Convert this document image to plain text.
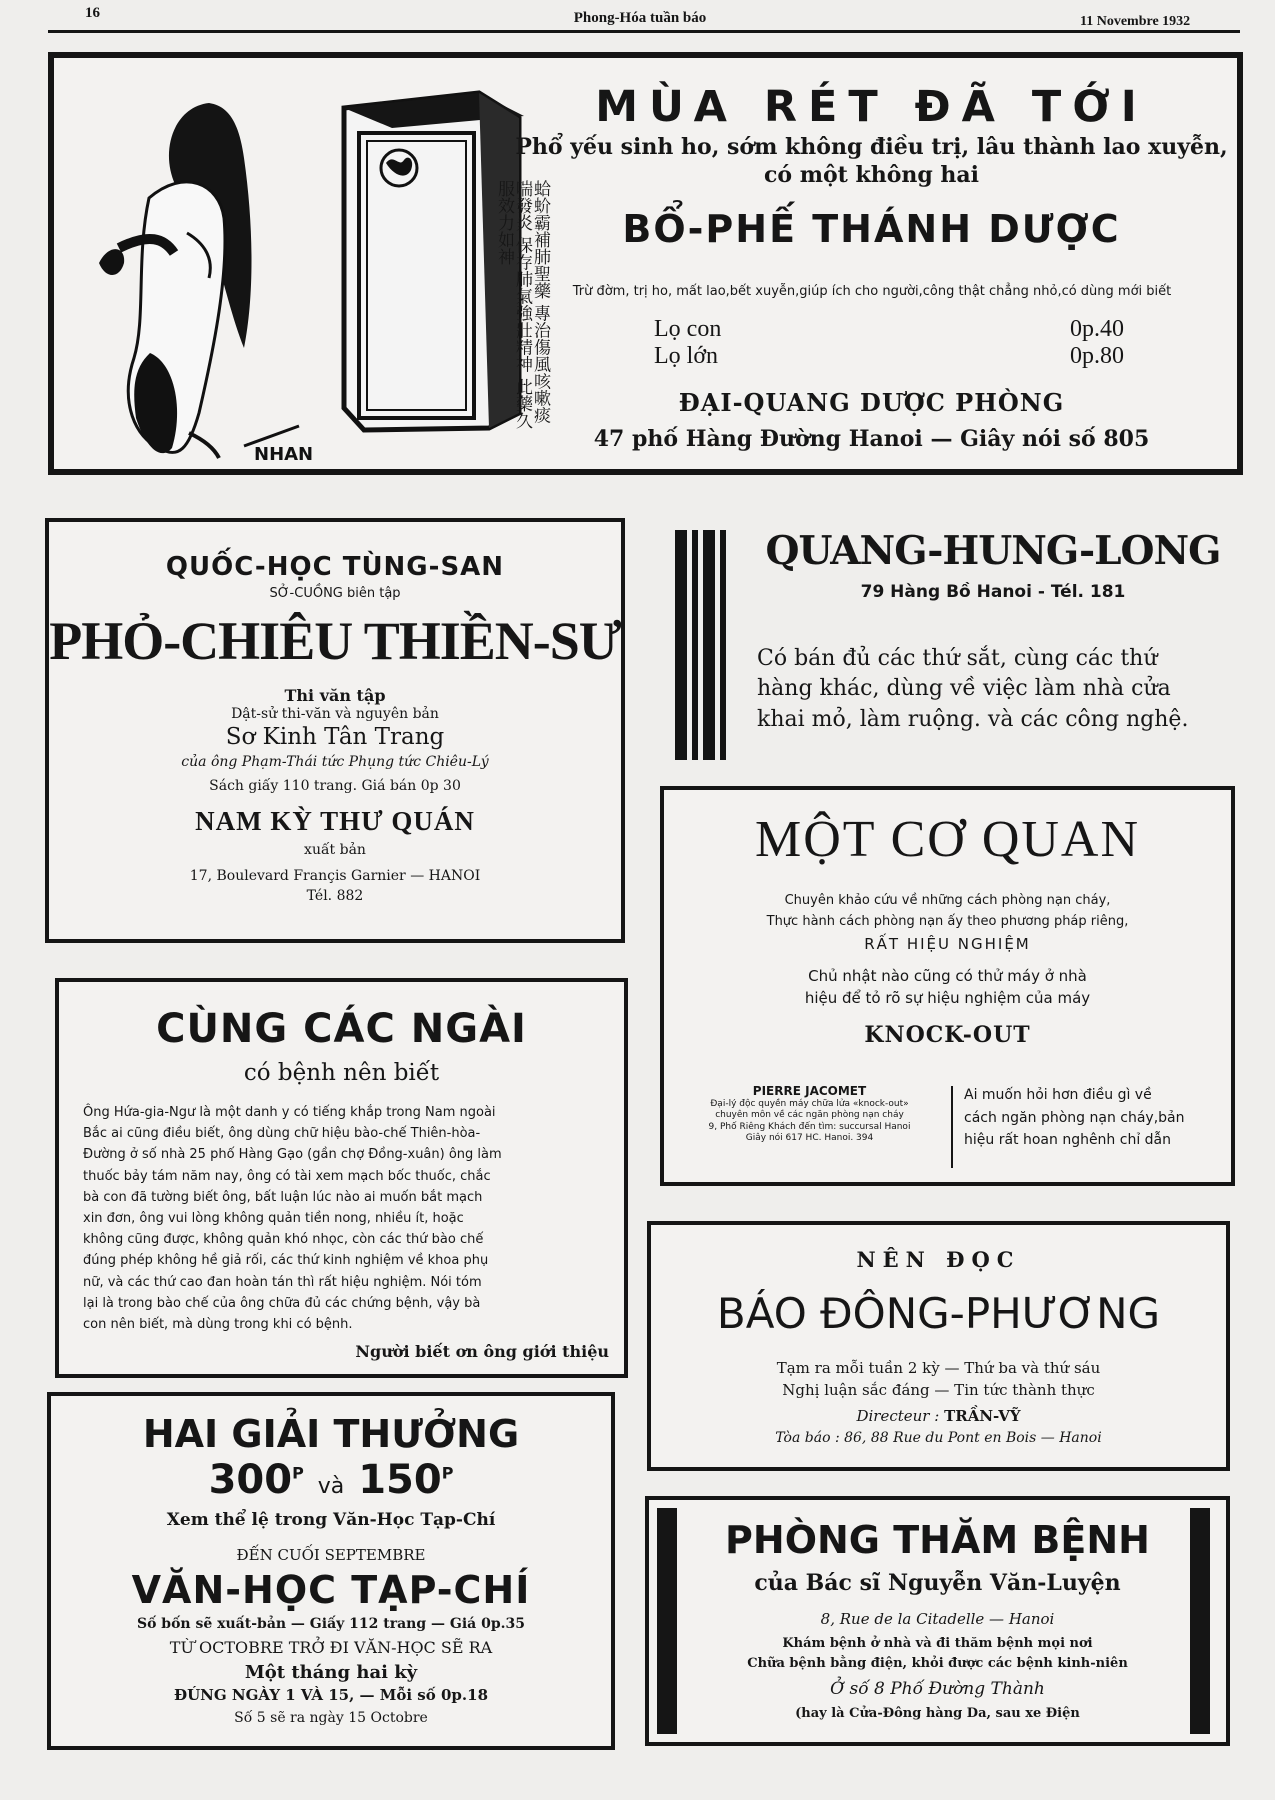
16	Phong-Hóa tuần báo	11 Novembre 1932
NHAN
蛤蚧霸補肺聖藥 專治傷風咳嗽痰喘發炎 保存肺氣強壯精神 此藥久服效力如神
MÙA RÉT ĐÃ TỚI
Phổ yếu sinh ho, sớm không điều trị, lâu thành lao xuyễn,
có một không hai
BỔ-PHẾ THÁNH DƯỢC
Trừ đờm, trị ho, mất lao,bết xuyễn,giúp ích cho người,công thật chẳng nhỏ,có dùng mới biết
Lọ con	0p.40
Lọ lớn	0p.80
ĐẠI-QUANG DƯỢC PHÒNG
47 phố Hàng Đường Hanoi — Giây nói số 805
QUỐC-HỌC TÙNG-SAN
SỞ-CUỒNG biên tập
PHỎ-CHIÊU THIỀN-SƯ
Thi văn tập
Dật-sử thi-văn và nguyên bản
Sơ Kinh Tân Trang
của ông Phạm-Thái tức Phụng tức Chiêu-Lý
Sách giấy 110 trang. Giá bán 0p 30
NAM KỲ THƯ QUÁN
xuất bản
17, Boulevard Françis Garnier — HANOI
Tél. 882
QUANG-HUNG-LONG
79 Hàng Bồ Hanoi - Tél. 181
Có bán đủ các thứ sắt, cùng các thứ
hàng khác, dùng về việc làm nhà cửa
khai mỏ, làm ruộng. và các công nghệ.
MỘT CƠ QUAN
Chuyên khảo cứu về những cách phòng nạn cháy,
Thực hành cách phòng nạn ấy theo phương pháp riêng,
RẤT HIỆU NGHIỆM
Chủ nhật nào cũng có thử máy ở nhà
hiệu để tỏ rõ sự hiệu nghiệm của máy
KNOCK-OUT
PIERRE JACOMET
Đại-lý độc quyền máy chữa lửa «knock-out»
chuyên môn về các ngăn phòng nạn cháy
9, Phố Riêng Khách đến tìm: succursal Hanoi
Giây nói 617 HC. Hanoi. 394
Ai muốn hỏi hơn điều gì về
cách ngăn phòng nạn cháy,bản
hiệu rất hoan nghênh chỉ dẫn
CÙNG CÁC NGÀI
có bệnh nên biết
Ông Hứa-gia-Ngư là một danh y có tiếng khắp trong Nam ngoài
Bắc ai cũng điều biết, ông dùng chữ hiệu bào-chế Thiên-hòa-
Đường ở số nhà 25 phố Hàng Gạo (gần chợ Đồng-xuân) ông làm
thuốc bảy tám năm nay, ông có tài xem mạch bốc thuốc, chắc
bà con đã tường biết ông, bất luận lúc nào ai muốn bắt mạch
xin đơn, ông vui lòng không quản tiền nong, nhiều ít, hoặc
không cũng được, không quản khó nhọc, còn các thứ bào chế
đúng phép không hề giả rối, các thứ kinh nghiệm về khoa phụ
nữ, và các thứ cao đan hoàn tán thì rất hiệu nghiệm. Nói tóm
lại là trong bào chế của ông chữa đủ các chứng bệnh, vậy bà
con nên biết, mà dùng trong khi có bệnh.
Người biết ơn ông giới thiệu
NÊN ĐỌC
BÁO ĐÔNG-PHƯƠNG
Tạm ra mỗi tuần 2 kỳ — Thứ ba và thứ sáu
Nghị luận sắc đáng — Tin tức thành thực
Directeur : TRẦN-VỸ
Tòa báo : 86, 88 Rue du Pont en Bois — Hanoi
HAI GIẢI THƯỞNG
$300^P$ và $150^P$
Xem thể lệ trong Văn-Học Tạp-Chí
ĐẾN CUỐI SEPTEMBRE
VĂN-HỌC TẠP-CHÍ
Số bốn sẽ xuất-bản — Giấy 112 trang — Giá 0p.35
TỪ OCTOBRE TRỞ ĐI VĂN-HỌC SẼ RA
Một tháng hai kỳ
ĐÚNG NGÀY 1 VÀ 15, — Mỗi số 0p.18
Số 5 sẽ ra ngày 15 Octobre
PHÒNG THĂM BỆNH
của Bác sĩ Nguyễn Văn-Luyện
8, Rue de la Citadelle — Hanoi
Khám bệnh ở nhà và đi thăm bệnh mọi nơi
Chữa bệnh bằng điện, khỏi được các bệnh kinh-niên
Ở số 8 Phố Đường Thành
(hay là Cửa-Đông hàng Da, sau xe Điện
